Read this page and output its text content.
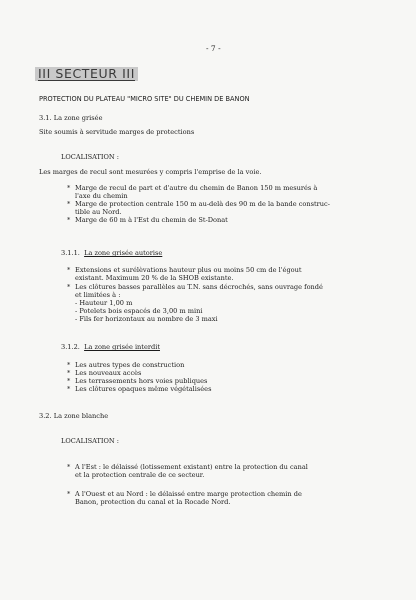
- 7 -
III SECTEUR III
PROTECTION DU PLATEAU "MICRO SITE" DU CHEMIN DE BANON
3.1. La zone grisée
Site soumis à servitude marges de protections
LOCALISATION :
Les marges de recul sont mesurées y compris l'emprise de la voie.
* Marge de recul de part et d'autre du chemin de Banon 150 m mesurés à
l'axe du chemin
* Marge de protection centrale 150 m au-delà des 90 m de la bande construc-
tible au Nord.
* Marge de 60 m à l'Est du chemin de St-Donat
3.1.1. La zone grisée autorise
* Extensions et surélèvations hauteur plus ou moins 50 cm de l'égout
existant. Maximum 20 % de la SHOB existante.
* Les clôtures basses parallèles au T.N. sans décrochés, sans ouvrage fondé
et limitées à :
- Hauteur 1,00 m
- Potelets bois espacés de 3,00 m mini
- Fils fer horizontaux au nombre de 3 maxi
3.1.2. La zone grisée interdit
* Les autres types de construction
* Les nouveaux accès
* Les terrassements hors voies publiques
* Les clôtures opaques même végétalisées
3.2. La zone blanche
LOCALISATION :
* A l'Est : le délaissé (lotissement existant) entre la protection du canal
et la protection centrale de ce secteur.
* A l'Ouest et au Nord : le délaissé entre marge protection chemin de
Banon, protection du canal et la Rocade Nord.
